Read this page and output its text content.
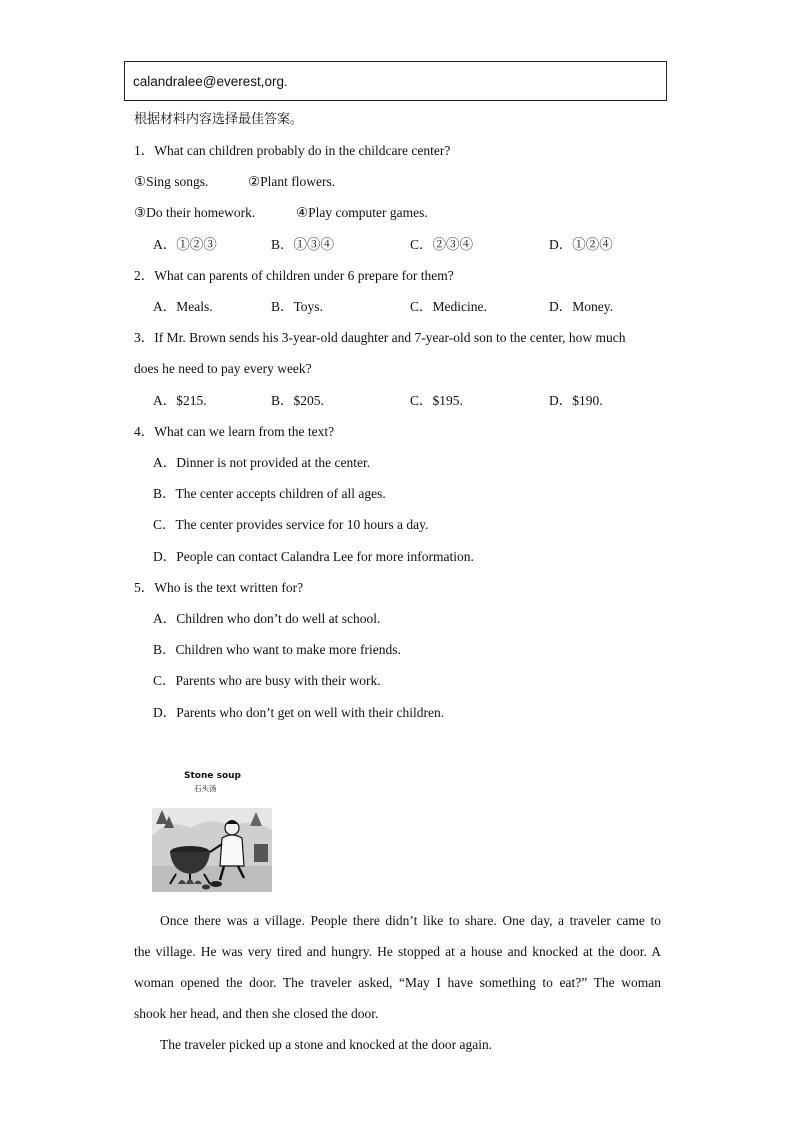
calandralee@everest,org.
根据材料内容选择最佳答案。
1．What can children probably do in the childcare center?
①Sing songs.	②Plant flowers.
③Do their homework.	④Play computer games.
A．①②③	B．①③④	C．②③④	D．①②④
2．What can parents of children under 6 prepare for them?
A．Meals.	B．Toys.	C．Medicine.	D．Money.
3．If Mr. Brown sends his 3-year-old daughter and 7-year-old son to the center, how much
does he need to pay every week?
A．$215.	B．$205.	C．$195.	D．$190.
4．What can we learn from the text?
A．Dinner is not provided at the center.
B．The center accepts children of all ages.
C．The center provides service for 10 hours a day.
D．People can contact Calandra Lee for more information.
5．Who is the text written for?
A．Children who don’t do well at school.
B．Children who want to make more friends.
C．Parents who are busy with their work.
D．Parents who don’t get on well with their children.
Stone soup
石头汤
Once there was a village. People there didn’t like to share. One day, a traveler came to
the village. He was very tired and hungry. He stopped at a house and knocked at the door. A
woman opened the door. The traveler asked, “May I have something to eat?” The woman
shook her head, and then she closed the door.
The traveler picked up a stone and knocked at the door again.
